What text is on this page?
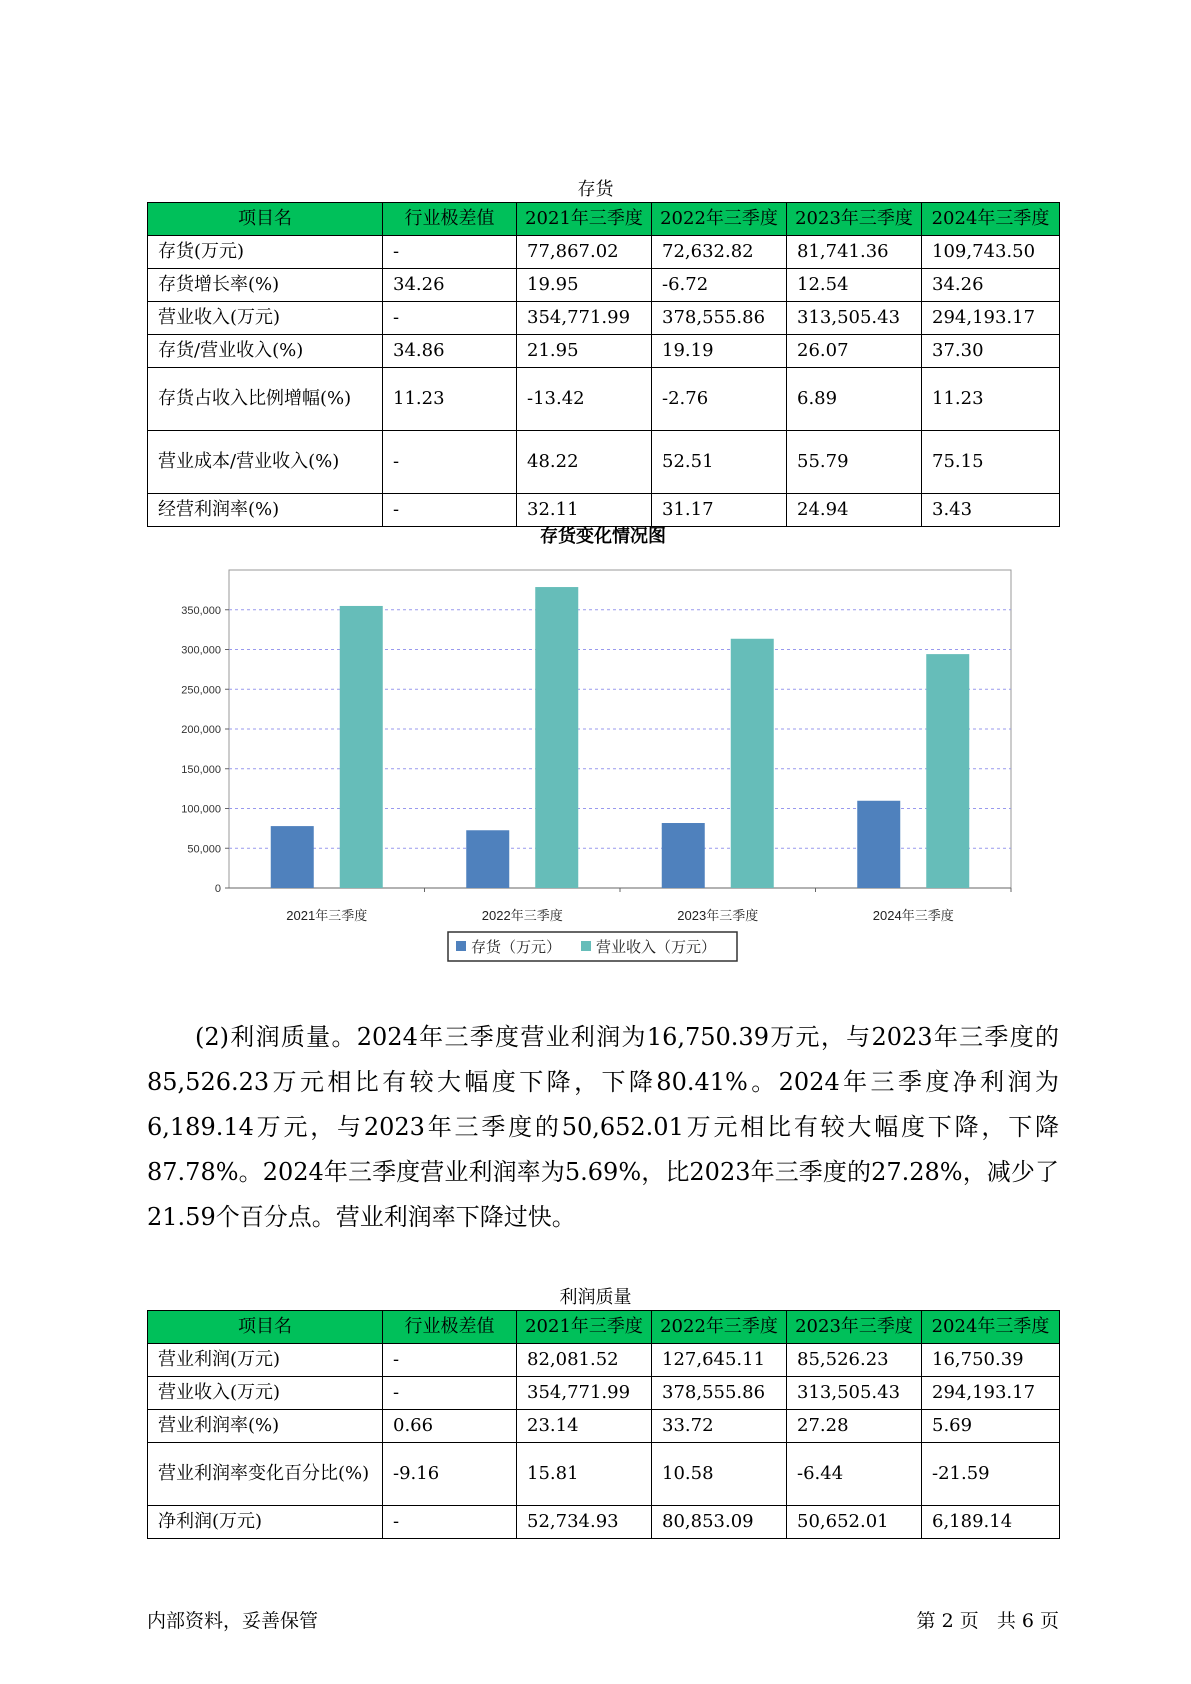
存货
项目名	行业极差值	2021年三季度	2022年三季度	2023年三季度	2024年三季度
存货(万元)	-	77,867.02	72,632.82	81,741.36	109,743.50
存货增长率(%)	34.26	19.95	-6.72	12.54	34.26
营业收入(万元)	-	354,771.99	378,555.86	313,505.43	294,193.17
存货/营业收入(%)	34.86	21.95	19.19	26.07	37.30
存货占收入比例增幅(%)	11.23	-13.42	-2.76	6.89	11.23
营业成本/营业收入(%)	-	48.22	52.51	55.79	75.15
经营利润率(%)	-	32.11	31.17	24.94	3.43
存货变化情况图
0
50,000
100,000
150,000
200,000
250,000
300,000
350,000
2021年三季度	2022年三季度	2023年三季度	2024年三季度
存货（万元） 营业收入（万元）
(2)利润质量。2024年三季度营业利润为16,750.39万元，与2023年三季度的85,526.23万元相比有较大幅度下降，下降80.41%。2024年三季度净利润为6,189.14万元，与2023年三季度的50,652.01万元相比有较大幅度下降，下降87.78%。2024年三季度营业利润率为5.69%，比2023年三季度的27.28%，减少了21.59个百分点。营业利润率下降过快。
利润质量
项目名	行业极差值	2021年三季度	2022年三季度	2023年三季度	2024年三季度
营业利润(万元)	-	82,081.52	127,645.11	85,526.23	16,750.39
营业收入(万元)	-	354,771.99	378,555.86	313,505.43	294,193.17
营业利润率(%)	0.66	23.14	33.72	27.28	5.69
营业利润率变化百分比(%)	-9.16	15.81	10.58	-6.44	-21.59
净利润(万元)	-	52,734.93	80,853.09	50,652.01	6,189.14
内部资料，妥善保管	第 2 页   共 6 页
